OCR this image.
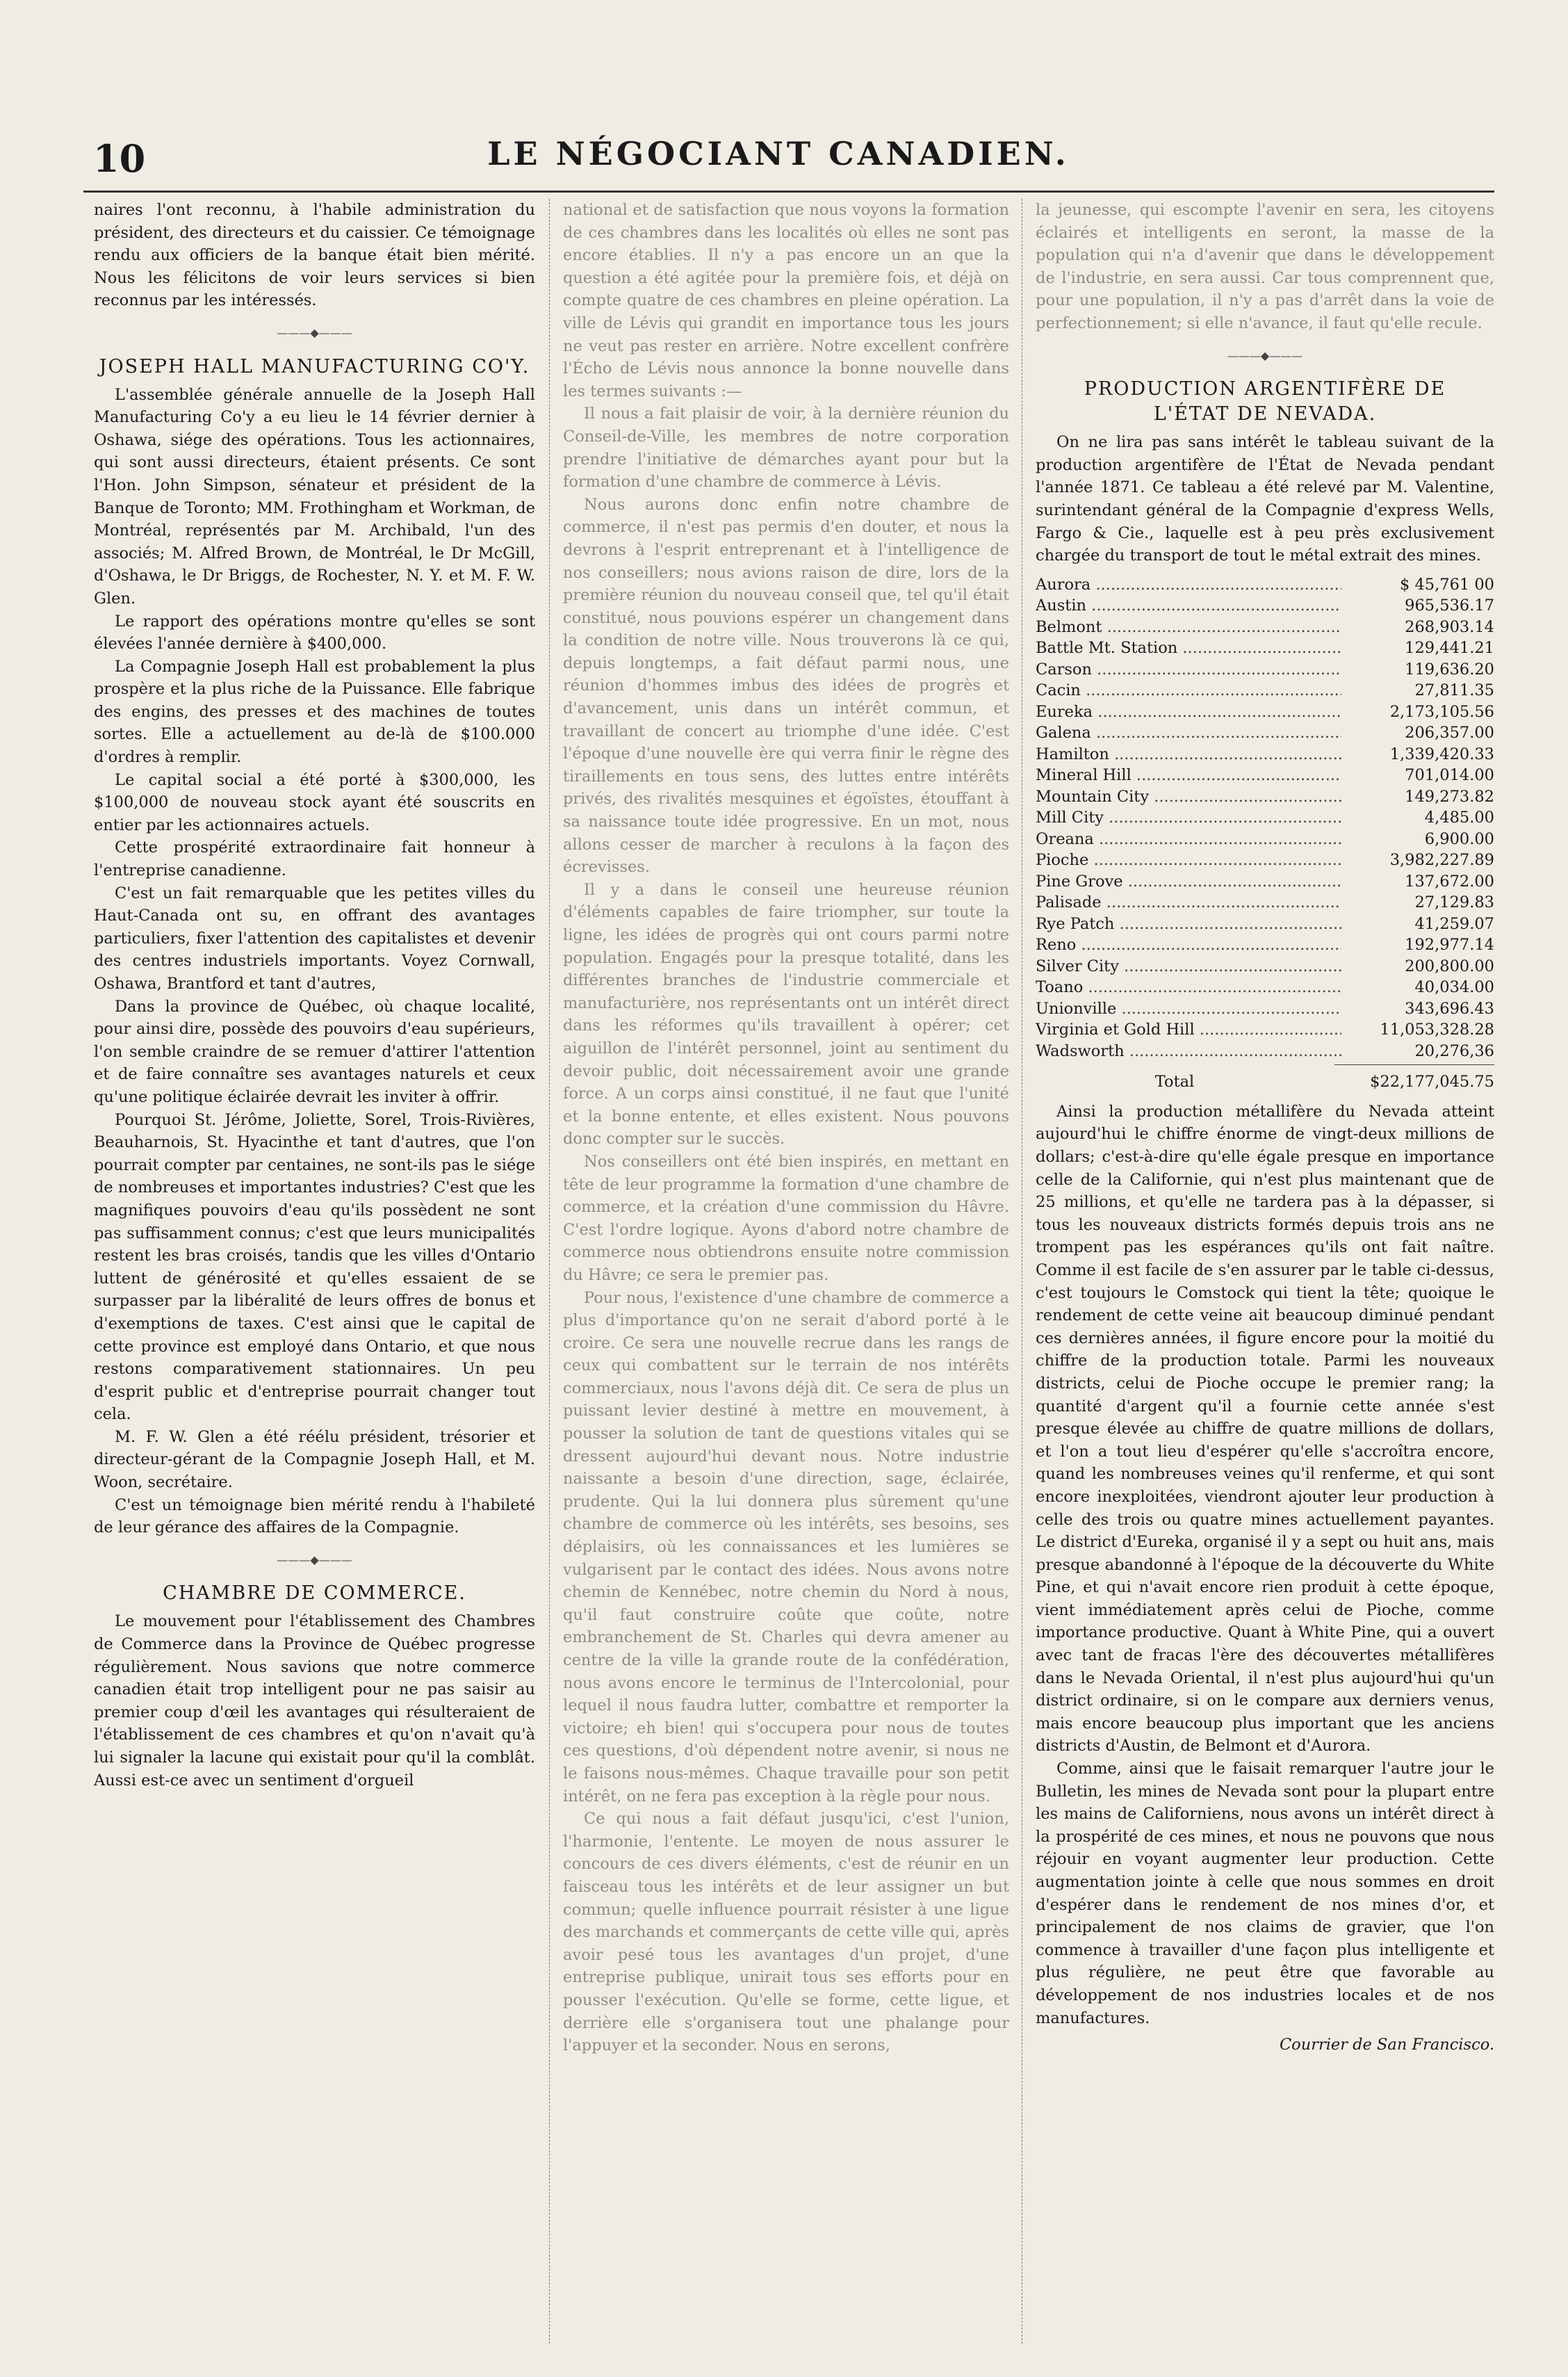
10	LE NÉGOCIANT CANADIEN.

naires l'ont reconnu, à l'habile administration du président, des directeurs et du caissier. Ce témoignage rendu aux officiers de la banque était bien mérité. Nous les félicitons de voir leurs services si bien reconnus par les intéressés.

———◆———
JOSEPH HALL MANUFACTURING CO'Y.

L'assemblée générale annuelle de la Joseph Hall Manufacturing Co'y a eu lieu le 14 février dernier à Oshawa, siége des opérations. Tous les actionnaires, qui sont aussi directeurs, étaient présents. Ce sont l'Hon. John Simpson, sénateur et président de la Banque de Toronto; MM. Frothingham et Workman, de Montréal, représentés par M. Archibald, l'un des associés; M. Alfred Brown, de Montréal, le Dr McGill, d'Oshawa, le Dr Briggs, de Rochester, N. Y. et M. F. W. Glen.

Le rapport des opérations montre qu'elles se sont élevées l'année dernière à $400,000.

La Compagnie Joseph Hall est probablement la plus prospère et la plus riche de la Puissance. Elle fabrique des engins, des presses et des machines de toutes sortes. Elle a actuellement au de-là de $100.000 d'ordres à remplir.

Le capital social a été porté à $300,000, les $100,000 de nouveau stock ayant été souscrits en entier par les actionnaires actuels.

Cette prospérité extraordinaire fait honneur à l'entreprise canadienne.

C'est un fait remarquable que les petites villes du Haut-Canada ont su, en offrant des avantages particuliers, fixer l'attention des capitalistes et devenir des centres industriels importants. Voyez Cornwall, Oshawa, Brantford et tant d'autres,

Dans la province de Québec, où chaque localité, pour ainsi dire, possède des pouvoirs d'eau supérieurs, l'on semble craindre de se remuer d'attirer l'attention et de faire connaître ses avantages naturels et ceux qu'une politique éclairée devrait les inviter à offrir.

Pourquoi St. Jérôme, Joliette, Sorel, Trois-Rivières, Beauharnois, St. Hyacinthe et tant d'autres, que l'on pourrait compter par centaines, ne sont-ils pas le siége de nombreuses et importantes industries? C'est que les magnifiques pouvoirs d'eau qu'ils possèdent ne sont pas suffisamment connus; c'est que leurs municipalités restent les bras croisés, tandis que les villes d'Ontario luttent de générosité et qu'elles essaient de se surpasser par la libéralité de leurs offres de bonus et d'exemptions de taxes. C'est ainsi que le capital de cette province est employé dans Ontario, et que nous restons comparativement stationnaires. Un peu d'esprit public et d'entreprise pourrait changer tout cela.

M. F. W. Glen a été réélu président, trésorier et directeur-gérant de la Compagnie Joseph Hall, et M. Woon, secrétaire.

C'est un témoignage bien mérité rendu à l'habileté de leur gérance des affaires de la Compagnie.

———◆———
CHAMBRE DE COMMERCE.

Le mouvement pour l'établissement des Chambres de Commerce dans la Province de Québec progresse régulièrement. Nous savions que notre commerce canadien était trop intelligent pour ne pas saisir au premier coup d'œil les avantages qui résulteraient de l'établissement de ces chambres et qu'on n'avait qu'à lui signaler la lacune qui existait pour qu'il la comblât. Aussi est-ce avec un sentiment d'orgueil

national et de satisfaction que nous voyons la formation de ces chambres dans les localités où elles ne sont pas encore établies. Il n'y a pas encore un an que la question a été agitée pour la première fois, et déjà on compte quatre de ces chambres en pleine opération. La ville de Lévis qui grandit en importance tous les jours ne veut pas rester en arrière. Notre excellent confrère l'Écho de Lévis nous annonce la bonne nouvelle dans les termes suivants :—

Il nous a fait plaisir de voir, à la dernière réunion du Conseil-de-Ville, les membres de notre corporation prendre l'initiative de démarches ayant pour but la formation d'une chambre de commerce à Lévis.

Nous aurons donc enfin notre chambre de commerce, il n'est pas permis d'en douter, et nous la devrons à l'esprit entreprenant et à l'intelligence de nos conseillers; nous avions raison de dire, lors de la première réunion du nouveau conseil que, tel qu'il était constitué, nous pouvions espérer un changement dans la condition de notre ville. Nous trouverons là ce qui, depuis longtemps, a fait défaut parmi nous, une réunion d'hommes imbus des idées de progrès et d'avancement, unis dans un intérêt commun, et travaillant de concert au triomphe d'une idée. C'est l'époque d'une nouvelle ère qui verra finir le règne des tiraillements en tous sens, des luttes entre intérêts privés, des rivalités mesquines et égoïstes, étouffant à sa naissance toute idée progressive. En un mot, nous allons cesser de marcher à reculons à la façon des écrevisses.

Il y a dans le conseil une heureuse réunion d'éléments capables de faire triompher, sur toute la ligne, les idées de progrès qui ont cours parmi notre population. Engagés pour la presque totalité, dans les différentes branches de l'industrie commerciale et manufacturière, nos représentants ont un intérêt direct dans les réformes qu'ils travaillent à opérer; cet aiguillon de l'intérêt personnel, joint au sentiment du devoir public, doit nécessairement avoir une grande force. A un corps ainsi constitué, il ne faut que l'unité et la bonne entente, et elles existent. Nous pouvons donc compter sur le succès.

Nos conseillers ont été bien inspirés, en mettant en tête de leur programme la formation d'une chambre de commerce, et la création d'une commission du Hâvre. C'est l'ordre logique. Ayons d'abord notre chambre de commerce nous obtiendrons ensuite notre commission du Hâvre; ce sera le premier pas.

Pour nous, l'existence d'une chambre de commerce a plus d'importance qu'on ne serait d'abord porté à le croire. Ce sera une nouvelle recrue dans les rangs de ceux qui combattent sur le terrain de nos intérêts commerciaux, nous l'avons déjà dit. Ce sera de plus un puissant levier destiné à mettre en mouvement, à pousser la solution de tant de questions vitales qui se dressent aujourd'hui devant nous. Notre industrie naissante a besoin d'une direction, sage, éclairée, prudente. Qui la lui donnera plus sûrement qu'une chambre de commerce où les intérêts, ses besoins, ses déplaisirs, où les connaissances et les lumières se vulgarisent par le contact des idées. Nous avons notre chemin de Kennébec, notre chemin du Nord à nous, qu'il faut construire coûte que coûte, notre embranchement de St. Charles qui devra amener au centre de la ville la grande route de la confédération, nous avons encore le terminus de l'Intercolonial, pour lequel il nous faudra lutter, combattre et remporter la victoire; eh bien! qui s'occupera pour nous de toutes ces questions, d'où dépendent notre avenir, si nous ne le faisons nous-mêmes. Chaque travaille pour son petit intérêt, on ne fera pas exception à la règle pour nous.

Ce qui nous a fait défaut jusqu'ici, c'est l'union, l'harmonie, l'entente. Le moyen de nous assurer le concours de ces divers éléments, c'est de réunir en un faisceau tous les intérêts et de leur assigner un but commun; quelle influence pourrait résister à une ligue des marchands et commerçants de cette ville qui, après avoir pesé tous les avantages d'un projet, d'une entreprise publique, unirait tous ses efforts pour en pousser l'exécution. Qu'elle se forme, cette ligue, et derrière elle s'organisera tout une phalange pour l'appuyer et la seconder. Nous en serons,

la jeunesse, qui escompte l'avenir en sera, les citoyens éclairés et intelligents en seront, la masse de la population qui n'a d'avenir que dans le développement de l'industrie, en sera aussi. Car tous comprennent que, pour une population, il n'y a pas d'arrêt dans la voie de perfectionnement; si elle n'avance, il faut qu'elle recule.

———◆———
PRODUCTION ARGENTIFÈRE DE
L'ÉTAT DE NEVADA.

On ne lira pas sans intérêt le tableau suivant de la production argentifère de l'État de Nevada pendant l'année 1871. Ce tableau a été relevé par M. Valentine, surintendant général de la Compagnie d'express Wells, Fargo & Cie., laquelle est à peu près exclusivement chargée du transport de tout le métal extrait des mines.

Aurora .....	$ 45,761 00
Austin .....	965,536.17
Belmont .....	268,903.14
Battle Mt. Station .....	129,441.21
Carson .....	119,636.20
Cacin .....	27,811.35
Eureka .....	2,173,105.56
Galena .....	206,357.00
Hamilton .....	1,339,420.33
Mineral Hill .....	701,014.00
Mountain City .....	149,273.82
Mill City .....	4,485.00
Oreana .....	6,900.00
Pioche .....	3,982,227.89
Pine Grove .....	137,672.00
Palisade .....	27,129.83
Rye Patch .....	41,259.07
Reno .....	192,977.14
Silver City .....	200,800.00
Toano .....	40,034.00
Unionville .....	343,696.43
Virginia et Gold Hill .....	11,053,328.28
Wadsworth .....	20,276,36
Total	$22,177,045.75

Ainsi la production métallifère du Nevada atteint aujourd'hui le chiffre énorme de vingt-deux millions de dollars; c'est-à-dire qu'elle égale presque en importance celle de la Californie, qui n'est plus maintenant que de 25 millions, et qu'elle ne tardera pas à la dépasser, si tous les nouveaux districts formés depuis trois ans ne trompent pas les espérances qu'ils ont fait naître. Comme il est facile de s'en assurer par le table ci-dessus, c'est toujours le Comstock qui tient la tête; quoique le rendement de cette veine ait beaucoup diminué pendant ces dernières années, il figure encore pour la moitié du chiffre de la production totale. Parmi les nouveaux districts, celui de Pioche occupe le premier rang; la quantité d'argent qu'il a fournie cette année s'est presque élevée au chiffre de quatre millions de dollars, et l'on a tout lieu d'espérer qu'elle s'accroîtra encore, quand les nombreuses veines qu'il renferme, et qui sont encore inexploitées, viendront ajouter leur production à celle des trois ou quatre mines actuellement payantes. Le district d'Eureka, organisé il y a sept ou huit ans, mais presque abandonné à l'époque de la découverte du White Pine, et qui n'avait encore rien produit à cette époque, vient immédiatement après celui de Pioche, comme importance productive. Quant à White Pine, qui a ouvert avec tant de fracas l'ère des découvertes métallifères dans le Nevada Oriental, il n'est plus aujourd'hui qu'un district ordinaire, si on le compare aux derniers venus, mais encore beaucoup plus important que les anciens districts d'Austin, de Belmont et d'Aurora.

Comme, ainsi que le faisait remarquer l'autre jour le Bulletin, les mines de Nevada sont pour la plupart entre les mains de Californiens, nous avons un intérêt direct à la prospérité de ces mines, et nous ne pouvons que nous réjouir en voyant augmenter leur production. Cette augmentation jointe à celle que nous sommes en droit d'espérer dans le rendement de nos mines d'or, et principalement de nos claims de gravier, que l'on commence à travailler d'une façon plus intelligente et plus régulière, ne peut être que favorable au développement de nos industries locales et de nos manufactures.

Courrier de San Francisco.
